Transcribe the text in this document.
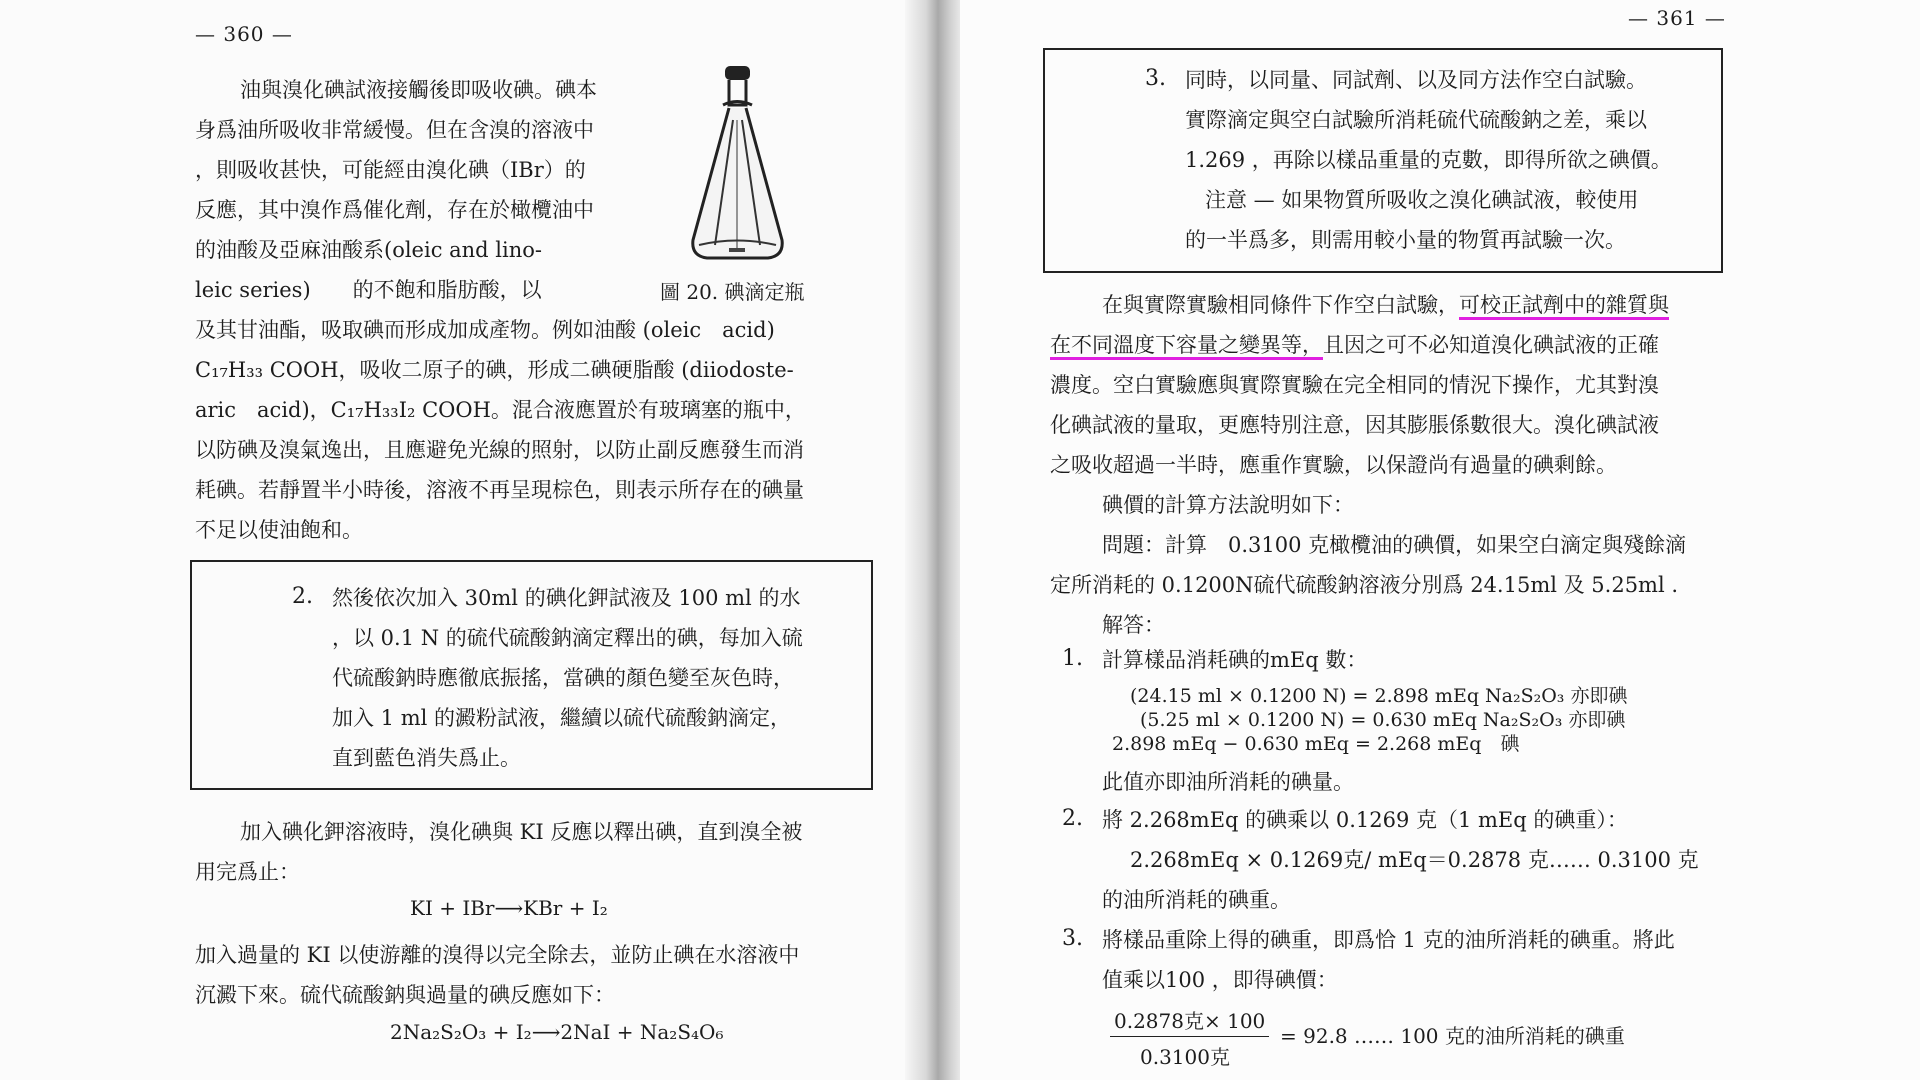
— 360 —
油與溴化碘試液接觸後即吸收碘。碘本
身爲油所吸收非常緩慢。但在含溴的溶液中
，則吸收甚快，可能經由溴化碘（IBr）的
反應，其中溴作爲催化劑，存在於橄欖油中
的油酸及亞麻油酸系(oleic and lino-
leic series)　　的不飽和脂肪酸，以
及其甘油酯，吸取碘而形成加成產物。例如油酸 (oleic　acid)
C₁₇H₃₃ COOH，吸收二原子的碘，形成二碘硬脂酸 (diiodoste-
aric　acid)，C₁₇H₃₃I₂ COOH。混合液應置於有玻璃塞的瓶中，
以防碘及溴氣逸出，且應避免光線的照射，以防止副反應發生而消
耗碘。若靜置半小時後，溶液不再呈現棕色，則表示所存在的碘量
不足以使油飽和。
圖 20. 碘滴定瓶
2. 然後依次加入 30ml 的碘化鉀試液及 100 ml 的水
，以 0.1 N 的硫代硫酸鈉滴定釋出的碘，每加入硫
代硫酸鈉時應徹底振搖，當碘的顏色變至灰色時，
加入 1 ml 的澱粉試液，繼續以硫代硫酸鈉滴定，
直到藍色消失爲止。
加入碘化鉀溶液時，溴化碘與 KI 反應以釋出碘，直到溴全被
用完爲止：
KI + IBr⟶KBr + I₂
加入過量的 KI 以使游離的溴得以完全除去，並防止碘在水溶液中
沉澱下來。硫代硫酸鈉與過量的碘反應如下：
2Na₂S₂O₃ + I₂⟶2NaI + Na₂S₄O₆
— 361 —
3. 同時，以同量、同試劑、以及同方法作空白試驗。
實際滴定與空白試驗所消耗硫代硫酸鈉之差，乘以
1.269 ，再除以樣品重量的克數，即得所欲之碘價。
注意 — 如果物質所吸收之溴化碘試液，較使用
的一半爲多，則需用較小量的物質再試驗一次。
在與實際實驗相同條件下作空白試驗，可校正試劑中的雜質與
在不同溫度下容量之變異等，且因之可不必知道溴化碘試液的正確
濃度。空白實驗應與實際實驗在完全相同的情況下操作，尤其對溴
化碘試液的量取，更應特別注意，因其膨脹係數很大。溴化碘試液
之吸收超過一半時，應重作實驗，以保證尚有過量的碘剩餘。
碘價的計算方法說明如下：
問題：計算　0.3100 克橄欖油的碘價，如果空白滴定與殘餘滴
定所消耗的 0.1200N硫代硫酸鈉溶液分別爲 24.15ml 及 5.25ml .
解答：
1. 計算樣品消耗碘的mEq 數：
(24.15 ml × 0.1200 N) = 2.898 mEq Na₂S₂O₃ 亦即碘
(5.25 ml × 0.1200 N) = 0.630 mEq Na₂S₂O₃ 亦即碘
2.898 mEq − 0.630 mEq = 2.268 mEq　碘
此值亦即油所消耗的碘量。
2. 將 2.268mEq 的碘乘以 0.1269 克（1 mEq 的碘重）：
2.268mEq × 0.1269克/ mEq＝0.2878 克…… 0.3100 克
的油所消耗的碘重。
3. 將樣品重除上得的碘重，即爲恰 1 克的油所消耗的碘重。將此
值乘以100 ，即得碘價：
0.2878克× 100
0.3100克
= 92.8 …… 100 克的油所消耗的碘重
